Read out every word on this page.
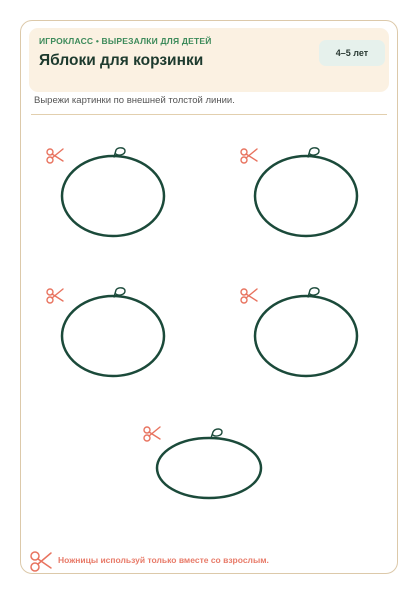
ИГРОКЛАСС • ВЫРЕЗАЛКИ ДЛЯ ДЕТЕЙ
Яблоки для корзинки	4–5 лет
Вырежи картинки по внешней толстой линии.
Ножницы используй только вместе со взрослым.
